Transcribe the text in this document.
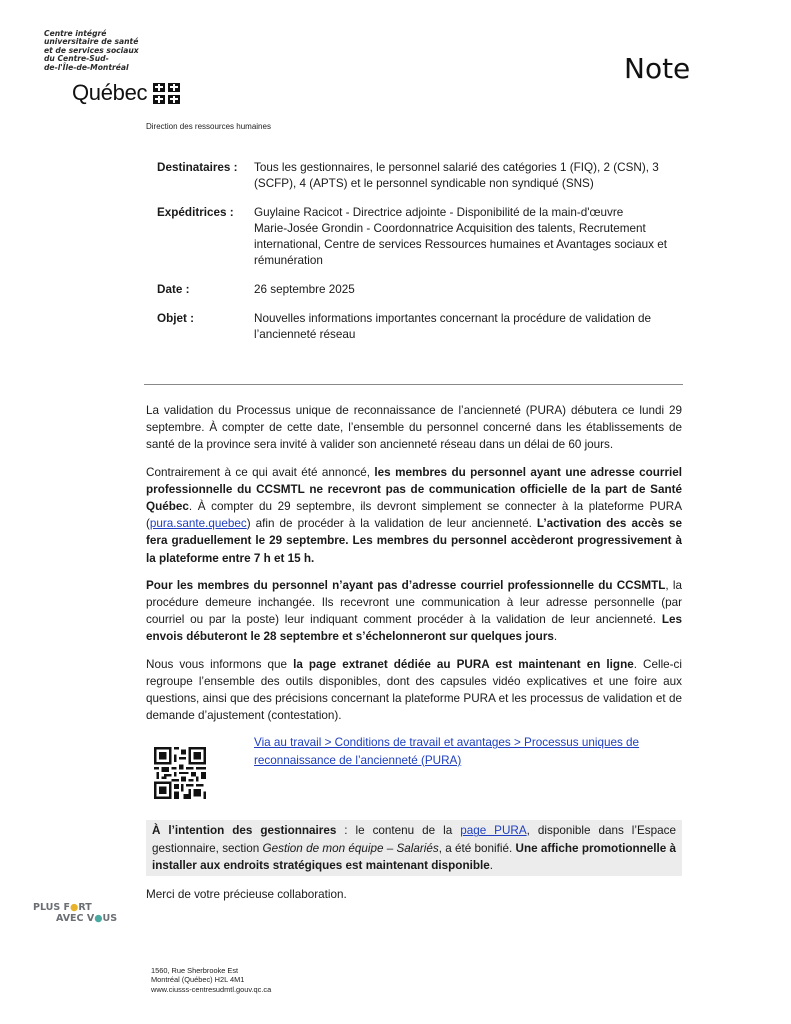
Centre intégré
universitaire de santé
et de services sociaux
du Centre-Sud-
de-l'Île-de-Montréal
Québec
Direction des ressources humaines
Note
Destinataires :	Tous les gestionnaires, le personnel salarié des catégories 1 (FIQ), 2 (CSN), 3 (SCFP), 4 (APTS) et le personnel syndicable non syndiqué (SNS)
Expéditrices :	Guylaine Racicot - Directrice adjointe - Disponibilité de la main-d'œuvre
Marie-Josée Grondin - Coordonnatrice Acquisition des talents, Recrutement international, Centre de services Ressources humaines et Avantages sociaux et rémunération
Date :	26 septembre 2025
Objet :	Nouvelles informations importantes concernant la procédure de validation de l’ancienneté réseau

La validation du Processus unique de reconnaissance de l’ancienneté (PURA) débutera ce lundi 29 septembre. À compter de cette date, l’ensemble du personnel concerné dans les établissements de santé de la province sera invité à valider son ancienneté réseau dans un délai de 60 jours.

Contrairement à ce qui avait été annoncé, les membres du personnel ayant une adresse courriel professionnelle du CCSMTL ne recevront pas de communication officielle de la part de Santé Québec. À compter du 29 septembre, ils devront simplement se connecter à la plateforme PURA (pura.sante.quebec) afin de procéder à la validation de leur ancienneté. L’activation des accès se fera graduellement le 29 septembre. Les membres du personnel accèderont progressivement à la plateforme entre 7 h et 15 h.

Pour les membres du personnel n’ayant pas d’adresse courriel professionnelle du CCSMTL, la procédure demeure inchangée. Ils recevront une communication à leur adresse personnelle (par courriel ou par la poste) leur indiquant comment procéder à la validation de leur ancienneté. Les envois débuteront le 28 septembre et s’échelonneront sur quelques jours.

Nous vous informons que la page extranet dédiée au PURA est maintenant en ligne. Celle-ci regroupe l’ensemble des outils disponibles, dont des capsules vidéo explicatives et une foire aux questions, ainsi que des précisions concernant la plateforme PURA et les processus de validation et de demande d’ajustement (contestation).

Via au travail > Conditions de travail et avantages > Processus uniques de reconnaissance de l’ancienneté (PURA)

À l’intention des gestionnaires : le contenu de la page PURA, disponible dans l’Espace gestionnaire, section Gestion de mon équipe – Salariés, a été bonifié. Une affiche promotionnelle à installer aux endroits stratégiques est maintenant disponible.

Merci de votre précieuse collaboration.

PLUS F●RT
AVEC V●US
1560, Rue Sherbrooke Est
Montréal (Québec) H2L 4M1
www.ciusss-centresudmtl.gouv.qc.ca
